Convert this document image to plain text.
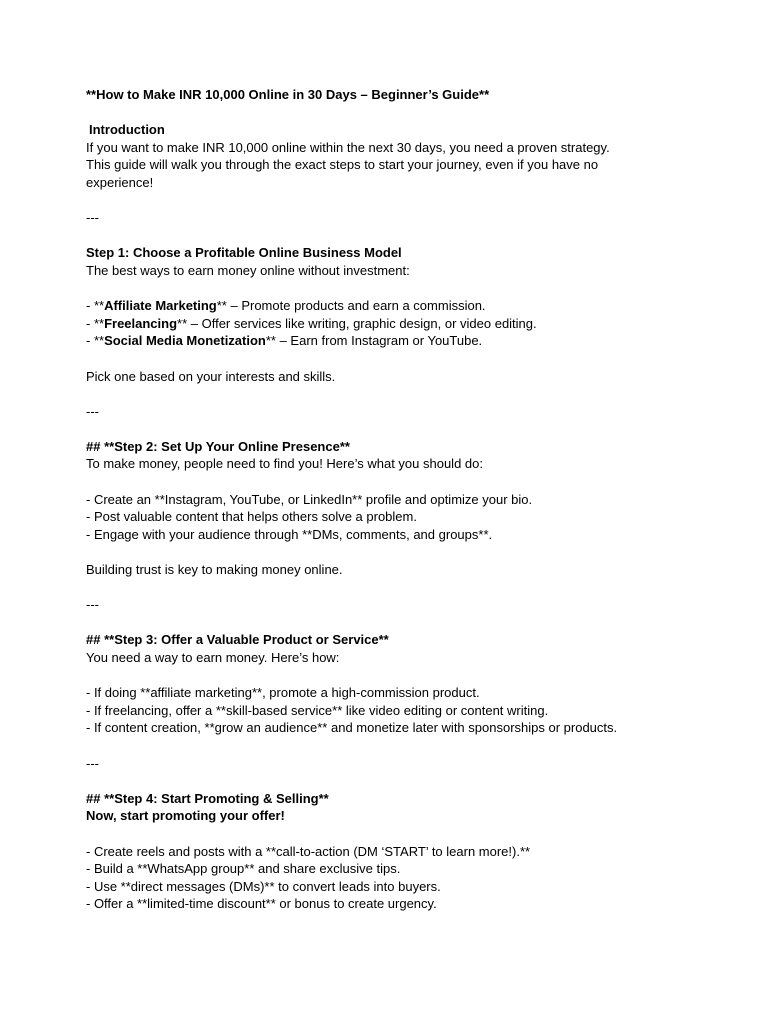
**How to Make INR 10,000 Online in 30 Days – Beginner’s Guide**
Introduction
If you want to make INR 10,000 online within the next 30 days, you need a proven strategy.
This guide will walk you through the exact steps to start your journey, even if you have no
experience!
---
Step 1: Choose a Profitable Online Business Model
The best ways to earn money online without investment:
- **Affiliate Marketing** – Promote products and earn a commission.
- **Freelancing** – Offer services like writing, graphic design, or video editing.
- **Social Media Monetization** – Earn from Instagram or YouTube.
Pick one based on your interests and skills.
---
## **Step 2: Set Up Your Online Presence**
To make money, people need to find you! Here’s what you should do:
- Create an **Instagram, YouTube, or LinkedIn** profile and optimize your bio.
- Post valuable content that helps others solve a problem.
- Engage with your audience through **DMs, comments, and groups**.
Building trust is key to making money online.
---
## **Step 3: Offer a Valuable Product or Service**
You need a way to earn money. Here’s how:
- If doing **affiliate marketing**, promote a high-commission product.
- If freelancing, offer a **skill-based service** like video editing or content writing.
- If content creation, **grow an audience** and monetize later with sponsorships or products.
---
## **Step 4: Start Promoting & Selling**
Now, start promoting your offer!
- Create reels and posts with a **call-to-action (DM ‘START’ to learn more!).**
- Build a **WhatsApp group** and share exclusive tips.
- Use **direct messages (DMs)** to convert leads into buyers.
- Offer a **limited-time discount** or bonus to create urgency.
